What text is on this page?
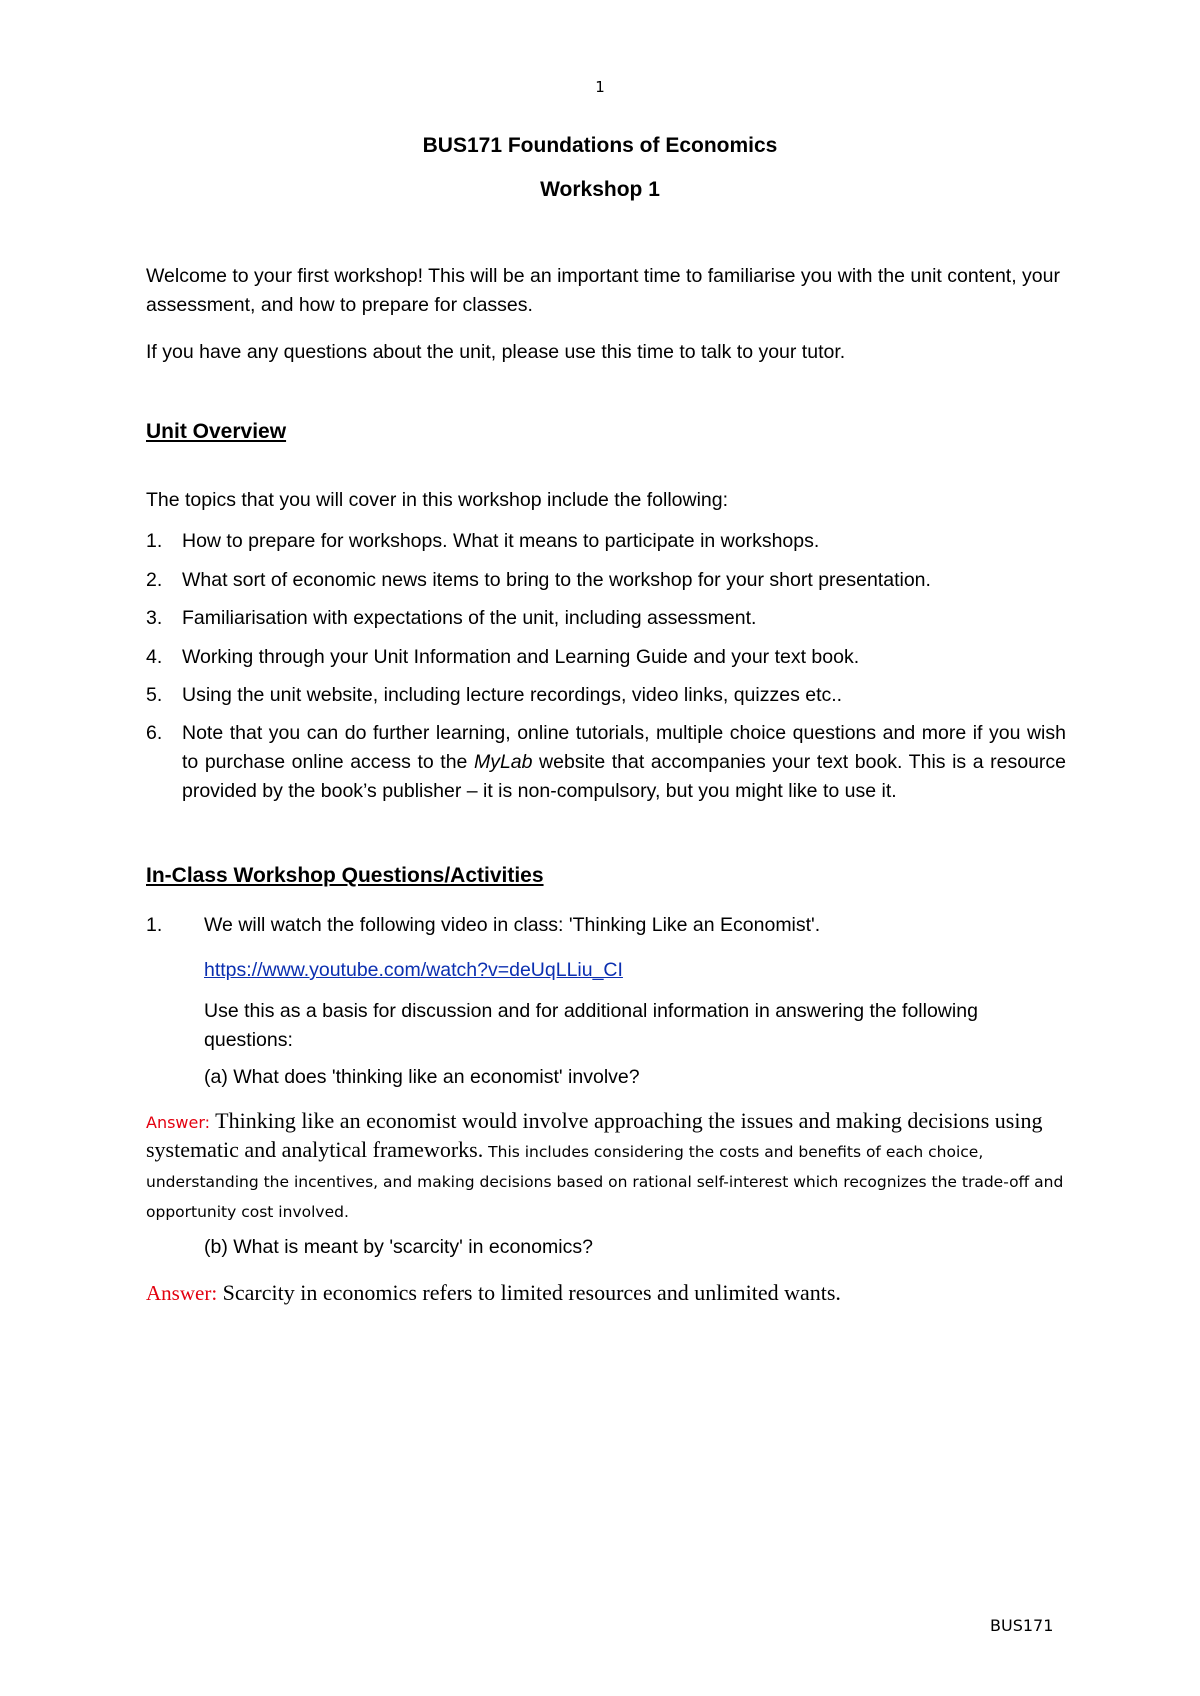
1
BUS171 Foundations of Economics
Workshop 1
Welcome to your first workshop! This will be an important time to familiarise you with the unit content, your assessment, and how to prepare for classes.
If you have any questions about the unit, please use this time to talk to your tutor.
Unit Overview
The topics that you will cover in this workshop include the following:
1. How to prepare for workshops. What it means to participate in workshops.
2. What sort of economic news items to bring to the workshop for your short presentation.
3. Familiarisation with expectations of the unit, including assessment.
4. Working through your Unit Information and Learning Guide and your text book.
5. Using the unit website, including lecture recordings, video links, quizzes etc..
6. Note that you can do further learning, online tutorials, multiple choice questions and more if you wish to purchase online access to the MyLab website that accompanies your text book. This is a resource provided by the book’s publisher – it is non-compulsory, but you might like to use it.
In-Class Workshop Questions/Activities
1. We will watch the following video in class: 'Thinking Like an Economist'.
https://www.youtube.com/watch?v=deUqLLiu_CI
Use this as a basis for discussion and for additional information in answering the following questions:
(a) What does 'thinking like an economist' involve?
Answer: Thinking like an economist would involve approaching the issues and making decisions using systematic and analytical frameworks. This includes considering the costs and benefits of each choice, understanding the incentives, and making decisions based on rational self-interest which recognizes the trade-off and opportunity cost involved.
(b) What is meant by 'scarcity' in economics?
Answer: Scarcity in economics refers to limited resources and unlimited wants.
BUS171
